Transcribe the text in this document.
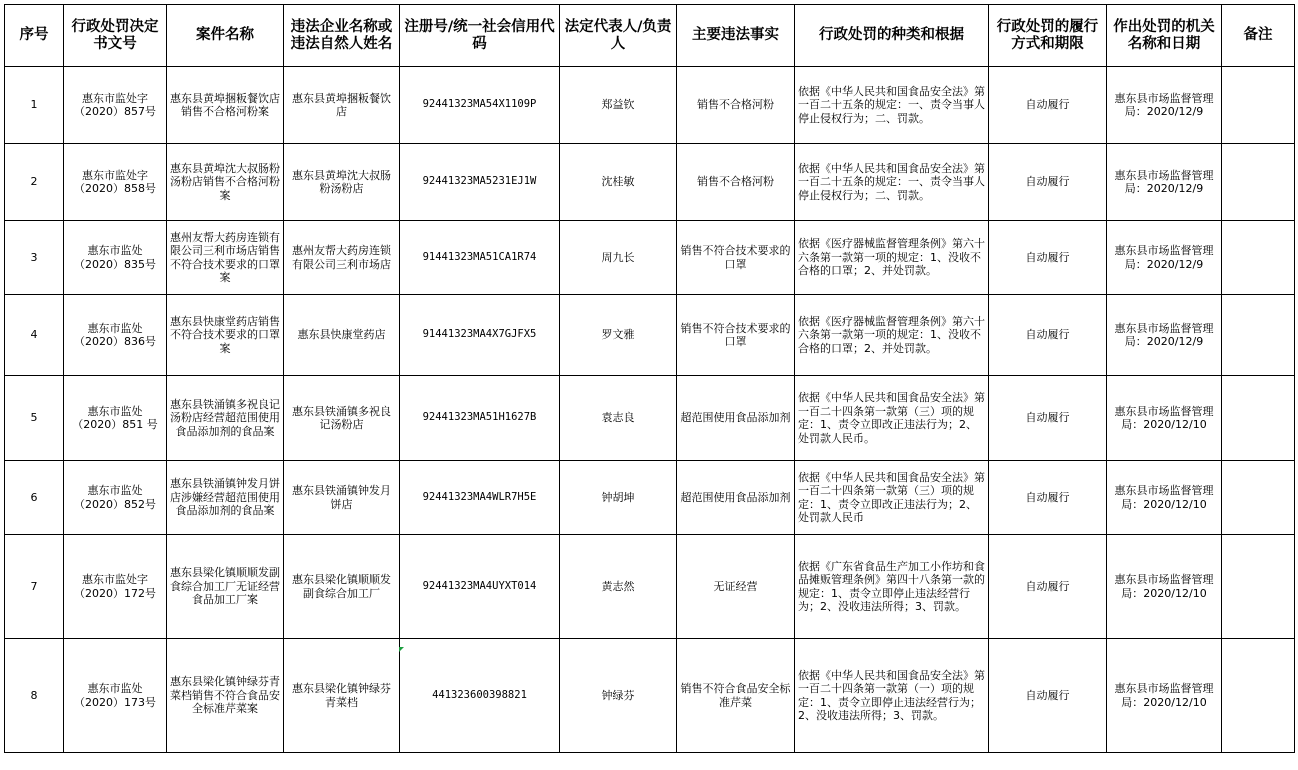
序号	行政处罚决定书文号	案件名称	违法企业名称或违法自然人姓名	注册号/统一社会信用代码	法定代表人/负责人	主要违法事实	行政处罚的种类和根据	行政处罚的履行方式和期限	作出处罚的机关名称和日期	备注
1	惠东市监处字（2020）857号	惠东县黄埠捆粄餐饮店销售不合格河粉案	惠东县黄埠捆粄餐饮店	92441323MA54X1109P	郑益钦	销售不合格河粉	依据《中华人民共和国食品安全法》第一百二十五条的规定：一、责令当事人停止侵权行为；二、罚款。	自动履行	惠东县市场监督管理局：2020/12/9	
2	惠东市监处字（2020）858号	惠东县黄埠沈大叔肠粉汤粉店销售不合格河粉案	惠东县黄埠沈大叔肠粉汤粉店	92441323MA5231EJ1W	沈桂敏	销售不合格河粉	依据《中华人民共和国食品安全法》第一百二十五条的规定：一、责令当事人停止侵权行为；二、罚款。	自动履行	惠东县市场监督管理局：2020/12/9	
3	惠东市监处（2020）835号	惠州友帮大药房连锁有限公司三利市场店销售不符合技术要求的口罩案	惠州友帮大药房连锁有限公司三利市场店	91441323MA51CA1R74	周九长	销售不符合技术要求的口罩	依据《医疗器械监督管理条例》第六十六条第一款第一项的规定：1、没收不合格的口罩；2、并处罚款。	自动履行	惠东县市场监督管理局：2020/12/9	
4	惠东市监处（2020）836号	惠东县快康堂药店销售不符合技术要求的口罩案	惠东县快康堂药店	91441323MA4X7GJFX5	罗文雅	销售不符合技术要求的口罩	依据《医疗器械监督管理条例》第六十六条第一款第一项的规定：1、没收不合格的口罩；2、并处罚款。	自动履行	惠东县市场监督管理局：2020/12/9	
5	惠东市监处（2020）851 号	惠东县铁涌镇多祝良记汤粉店经营超范围使用食品添加剂的食品案	惠东县铁涌镇多祝良记汤粉店	92441323MA51H1627B	袁志良	超范围使用食品添加剂	依据《中华人民共和国食品安全法》第一百二十四条第一款第（三）项的规定：1、责令立即改正违法行为；2、处罚款人民币。	自动履行	惠东县市场监督管理局：2020/12/10	
6	惠东市监处（2020）852号	惠东县铁涌镇钟发月饼店涉嫌经营超范围使用食品添加剂的食品案	惠东县铁涌镇钟发月饼店	92441323MA4WLR7H5E	钟胡坤	超范围使用食品添加剂	依据《中华人民共和国食品安全法》第一百二十四条第一款第（三）项的规定：1、责令立即改正违法行为；2、处罚款人民币	自动履行	惠东县市场监督管理局：2020/12/10	
7	惠东市监处字（2020）172号	惠东县梁化镇顺顺发副食综合加工厂无证经营食品加工厂案	惠东县梁化镇顺顺发副食综合加工厂	92441323MA4UYXT014	黄志然	无证经营	依据《广东省食品生产加工小作坊和食品摊贩管理条例》第四十八条第一款的规定：1、责令立即停止违法经营行为；2、没收违法所得；3、罚款。	自动履行	惠东县市场监督管理局：2020/12/10	
8	惠东市监处（2020）173号	惠东县梁化镇钟绿芬青菜档销售不符合食品安全标准芹菜案	惠东县梁化镇钟绿芬青菜档	441323600398821	钟绿芬	销售不符合食品安全标准芹菜	依据《中华人民共和国食品安全法》第一百二十四条第一款第（一）项的规定：1、责令立即停止违法经营行为；2、没收违法所得；3、罚款。	自动履行	惠东县市场监督管理局：2020/12/10	
